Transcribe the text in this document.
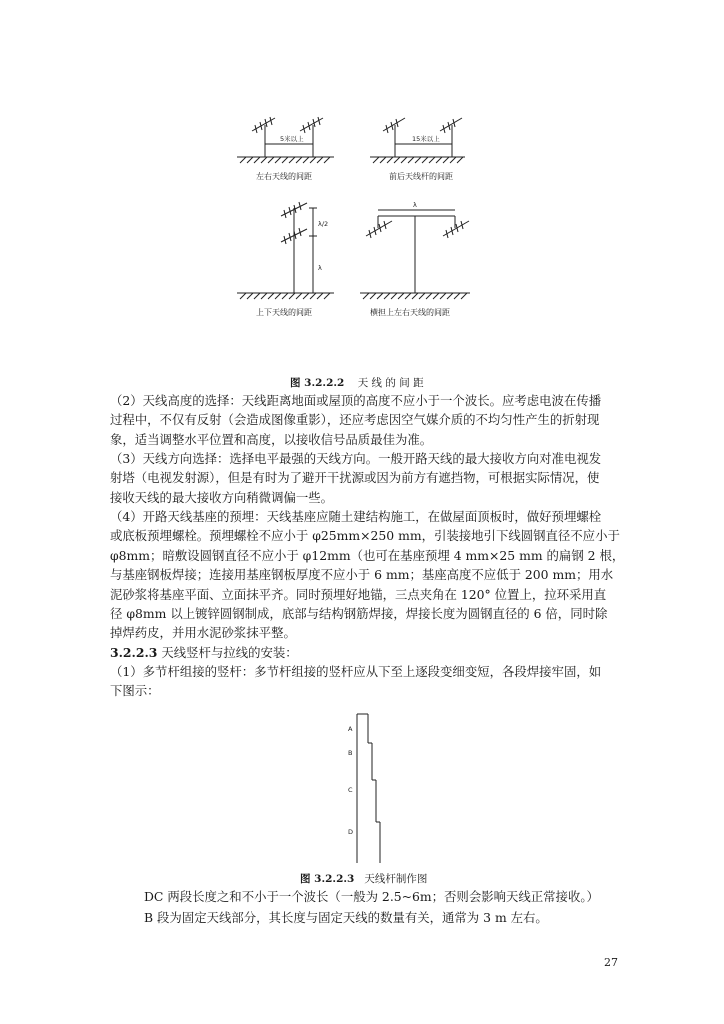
5米以上	15米以上
λ/2
λ
λ
左右天线的间距	前后天线杆的间距
上下天线的间距	横担上左右天线的间距
图 3.2.2.2 天 线 的 间 距
（2）天线高度的选择：天线距离地面或屋顶的高度不应小于一个波长。应考虑电波在传播
过程中，不仅有反射（会造成图像重影），还应考虑因空气媒介质的不均匀性产生的折射现
象，适当调整水平位置和高度，以接收信号品质最佳为准。
（3）天线方向选择：选择电平最强的天线方向。一般开路天线的最大接收方向对准电视发
射塔（电视发射源），但是有时为了避开干扰源或因为前方有遮挡物，可根据实际情况，使
接收天线的最大接收方向稍微调偏一些。
（4）开路天线基座的预埋：天线基座应随土建结构施工，在做屋面顶板时，做好预埋螺栓
或底板预埋螺栓。预埋螺栓不应小于 φ25mm×250 mm，引装接地引下线圆钢直径不应小于
φ8mm；暗敷设圆钢直径不应小于 φ12mm（也可在基座预埋 4 mm×25 mm 的扁钢 2 根，
与基座钢板焊接；连接用基座钢板厚度不应小于 6 mm；基座高度不应低于 200 mm；用水
泥砂浆将基座平面、立面抹平齐。同时预埋好地锚，三点夹角在 120° 位置上，拉环采用直
径 φ8mm 以上镀锌圆钢制成，底部与结构钢筋焊接，焊接长度为圆钢直径的 6 倍，同时除
掉焊药皮，并用水泥砂浆抹平整。
3.2.2.3 天线竖杆与拉线的安装：
（1）多节杆组接的竖杆：多节杆组接的竖杆应从下至上逐段变细变短，各段焊接牢固，如
下图示：
A
B
C
D
图 3.2.2.3 天线杆制作图
DC 两段长度之和不小于一个波长（一般为 2.5~6m；否则会影响天线正常接收。）
B 段为固定天线部分，其长度与固定天线的数量有关，通常为 3 m 左右。
27
